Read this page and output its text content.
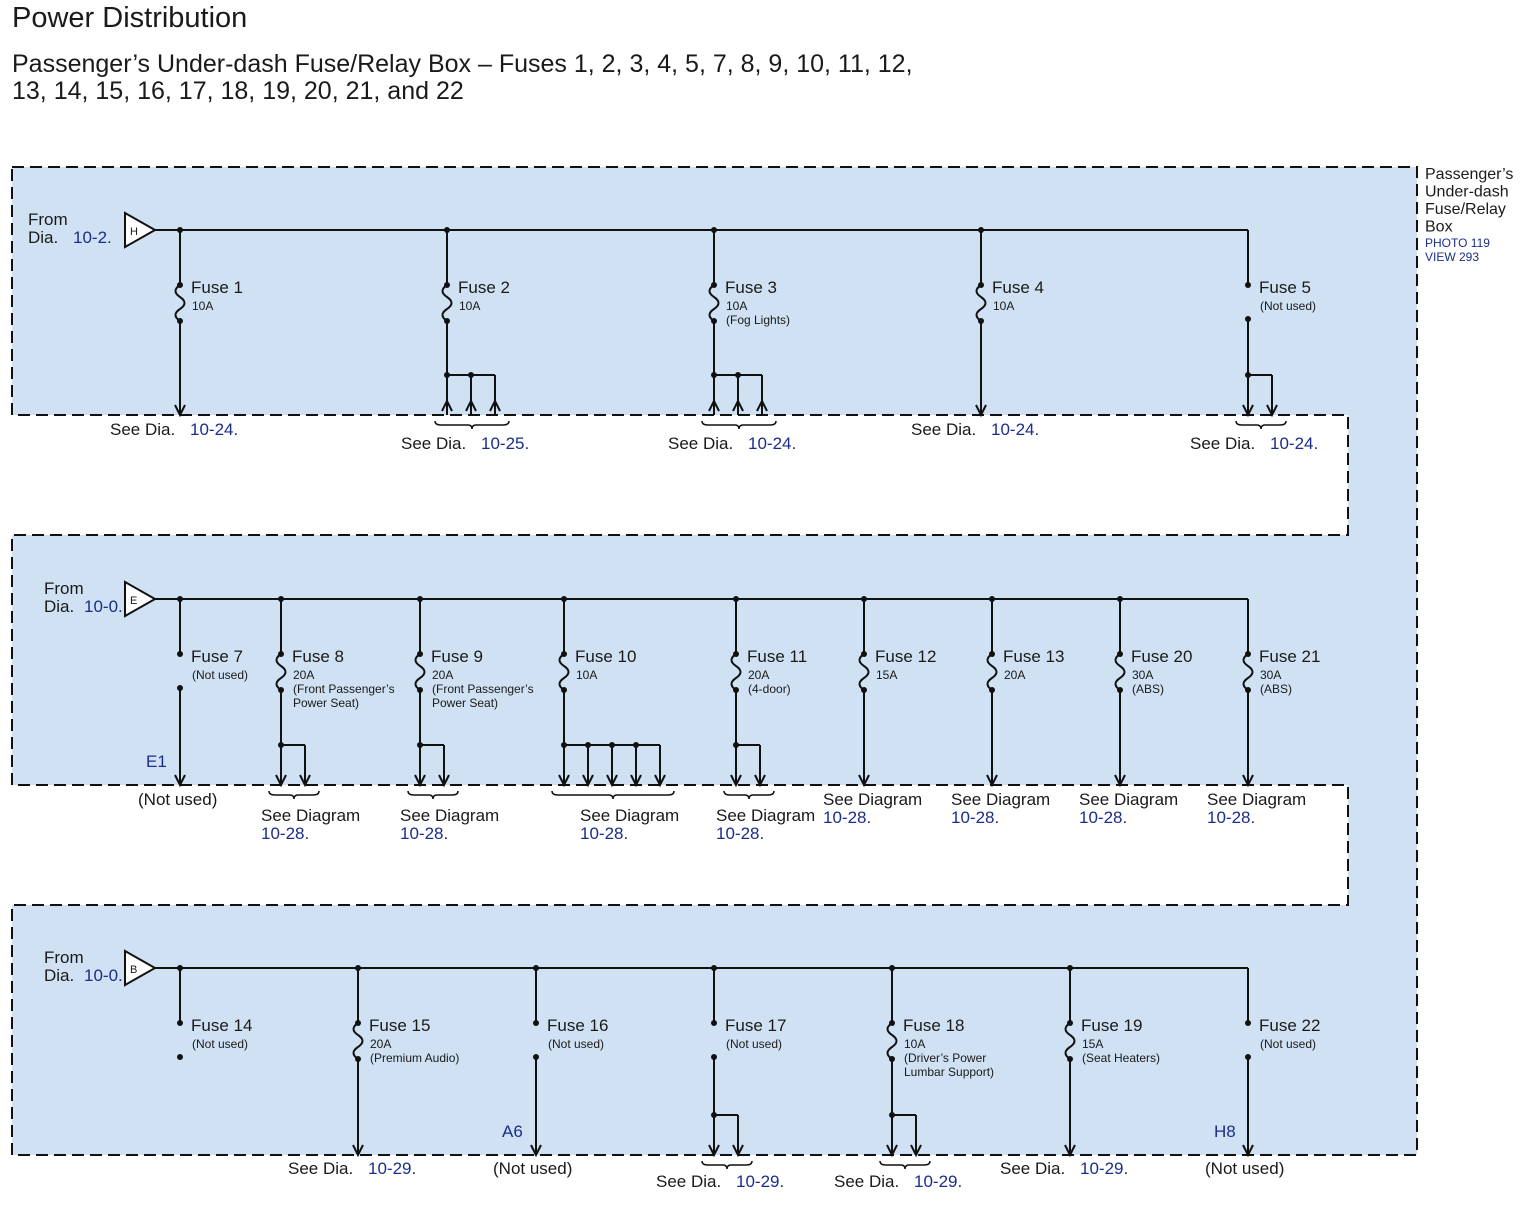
Power Distribution
Passenger’s Under-dash Fuse/Relay Box – Fuses 1, 2, 3, 4, 5, 7, 8, 9, 10, 11, 12,
13, 14, 15, 16, 17, 18, 19, 20, 21, and 22
Passenger’s
Under-dash
Fuse/Relay
Box
PHOTO 119
VIEW 293
From
Dia. 10-2. H
Fuse 1
10A
See Dia. 10-24.
Fuse 2
10A
See Dia. 10-25.
Fuse 3
10A
(Fog Lights)
See Dia. 10-24.
Fuse 4
10A
See Dia. 10-24.
Fuse 5
(Not used)
See Dia. 10-24.
From
Dia. 10-0. E
Fuse 7
(Not used)
E1
(Not used)
Fuse 8
20A
(Front Passenger’s
Power Seat)
See Diagram
10-28.
Fuse 9
20A
(Front Passenger’s
Power Seat)
See Diagram
10-28.
Fuse 10
10A
See Diagram
10-28.
Fuse 11
20A
(4-door)
See Diagram
10-28.
Fuse 12
15A
See Diagram
10-28.
Fuse 13
20A
See Diagram
10-28.
Fuse 20
30A
(ABS)
See Diagram
10-28.
Fuse 21
30A
(ABS)
See Diagram
10-28.
From
Dia. 10-0. B
Fuse 14
(Not used)
Fuse 15
20A
(Premium Audio)
See Dia. 10-29.
Fuse 16
(Not used)
A6
(Not used)
Fuse 17
(Not used)
See Dia. 10-29.
Fuse 18
10A
(Driver’s Power
Lumbar Support)
See Dia. 10-29.
Fuse 19
15A
(Seat Heaters)
See Dia. 10-29.
Fuse 22
(Not used)
H8
(Not used)
